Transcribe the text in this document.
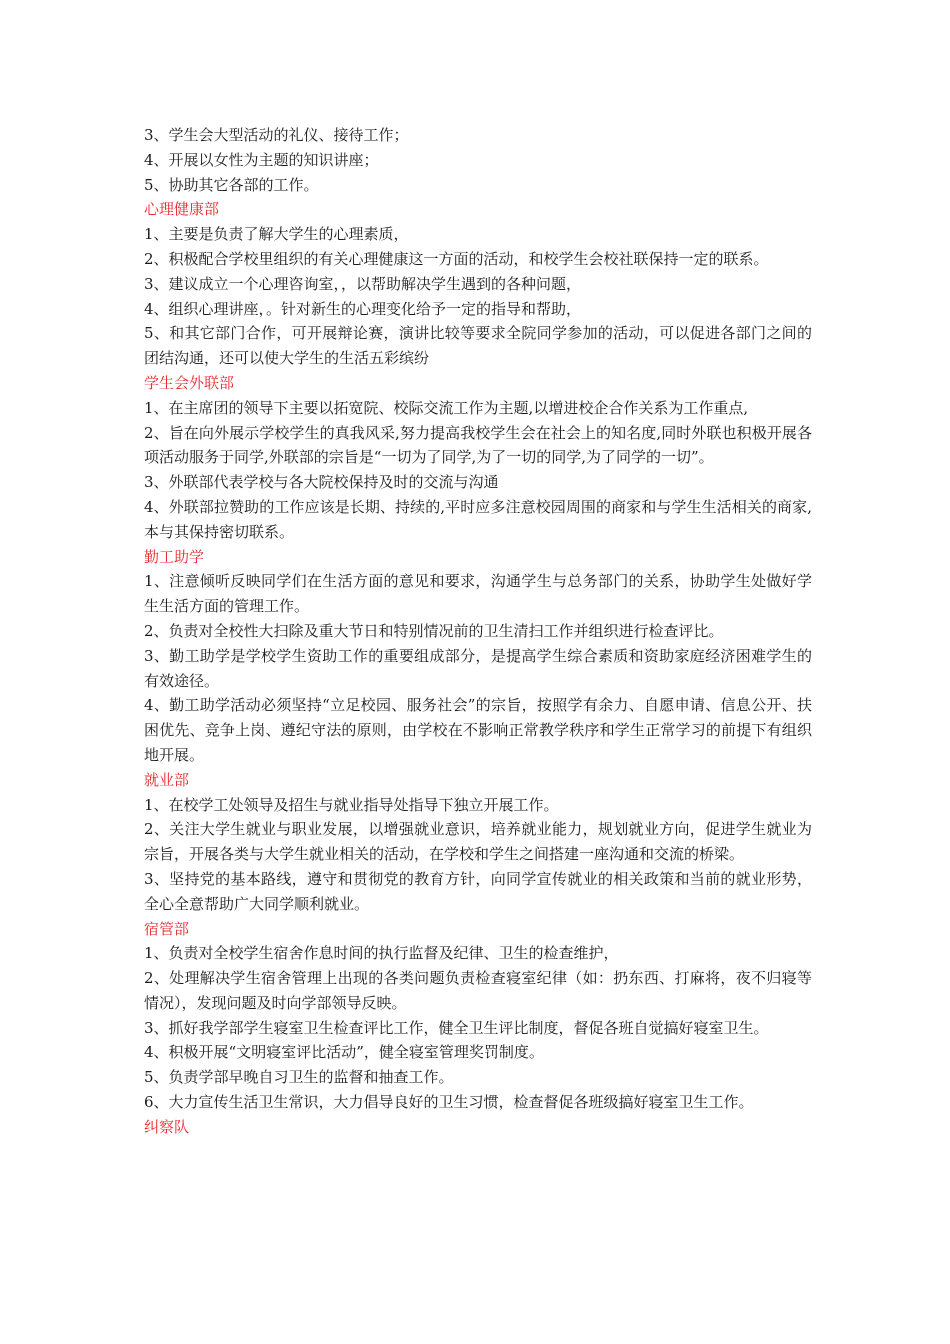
3、学生会大型活动的礼仪、接待工作；
4、开展以女性为主题的知识讲座；
5、协助其它各部的工作。
心理健康部
1、主要是负责了解大学生的心理素质，
2、积极配合学校里组织的有关心理健康这一方面的活动，和校学生会校社联保持一定的联系。
3、建议成立一个心理咨询室，，以帮助解决学生遇到的各种问题，
4、组织心理讲座，。针对新生的心理变化给予一定的指导和帮助，
5、和其它部门合作，可开展辩论赛，演讲比较等要求全院同学参加的活动，可以促进各部门之间的团结沟通，还可以使大学生的生活五彩缤纷
学生会外联部
1、在主席团的领导下主要以拓宽院、校际交流工作为主题,以增进校企合作关系为工作重点,
2、旨在向外展示学校学生的真我风采,努力提高我校学生会在社会上的知名度,同时外联也积极开展各项活动服务于同学,外联部的宗旨是“一切为了同学,为了一切的同学,为了同学的一切”。
3、外联部代表学校与各大院校保持及时的交流与沟通
4、外联部拉赞助的工作应该是长期、持续的,平时应多注意校园周围的商家和与学生生活相关的商家,本与其保持密切联系。
勤工助学
1、注意倾听反映同学们在生活方面的意见和要求，沟通学生与总务部门的关系，协助学生处做好学生生活方面的管理工作。
2、负责对全校性大扫除及重大节日和特别情况前的卫生清扫工作并组织进行检查评比。
3、勤工助学是学校学生资助工作的重要组成部分，是提高学生综合素质和资助家庭经济困难学生的有效途径。
4、勤工助学活动必须坚持“立足校园、服务社会”的宗旨，按照学有余力、自愿申请、信息公开、扶困优先、竞争上岗、遵纪守法的原则，由学校在不影响正常教学秩序和学生正常学习的前提下有组织地开展。
就业部
1、在校学工处领导及招生与就业指导处指导下独立开展工作。
2、关注大学生就业与职业发展，以增强就业意识，培养就业能力，规划就业方向，促进学生就业为宗旨，开展各类与大学生就业相关的活动，在学校和学生之间搭建一座沟通和交流的桥梁。
3、坚持党的基本路线，遵守和贯彻党的教育方针，向同学宣传就业的相关政策和当前的就业形势，全心全意帮助广大同学顺利就业。
宿管部
1、负责对全校学生宿舍作息时间的执行监督及纪律、卫生的检查维护，
2、处理解决学生宿舍管理上出现的各类问题负责检查寝室纪律（如：扔东西、打麻将，夜不归寝等情况），发现问题及时向学部领导反映。
3、抓好我学部学生寝室卫生检查评比工作，健全卫生评比制度，督促各班自觉搞好寝室卫生。
4、积极开展“文明寝室评比活动”，健全寝室管理奖罚制度。
5、负责学部早晚自习卫生的监督和抽查工作。
6、大力宣传生活卫生常识，大力倡导良好的卫生习惯，检查督促各班级搞好寝室卫生工作。
纠察队
